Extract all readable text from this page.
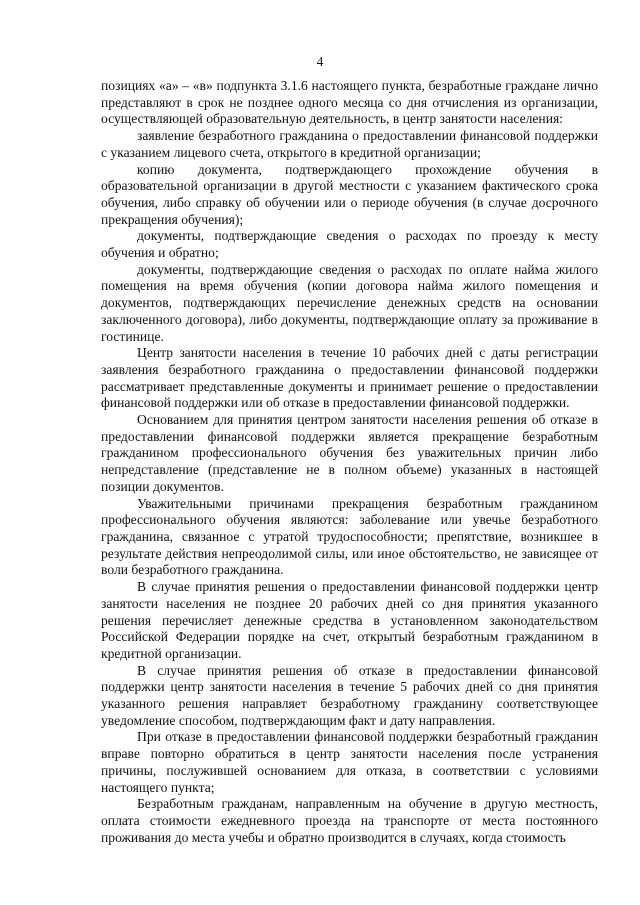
4

позициях «а» – «в» подпункта 3.1.6 настоящего пункта, безработные граждане лично представляют в срок не позднее одного месяца со дня отчисления из организации, осуществляющей образовательную деятельность, в центр занятости населения:

заявление безработного гражданина о предоставлении финансовой поддержки с указанием лицевого счета, открытого в кредитной организации;

копию документа, подтверждающего прохождение обучения в образовательной организации в другой местности с указанием фактического срока обучения, либо справку об обучении или о периоде обучения (в случае досрочного прекращения обучения);

документы, подтверждающие сведения о расходах по проезду к месту обучения и обратно;

документы, подтверждающие сведения о расходах по оплате найма жилого помещения на время обучения (копии договора найма жилого помещения и документов, подтверждающих перечисление денежных средств на основании заключенного договора), либо документы, подтверждающие оплату за проживание в гостинице.

Центр занятости населения в течение 10 рабочих дней с даты регистрации заявления безработного гражданина о предоставлении финансовой поддержки рассматривает представленные документы и принимает решение о предоставлении финансовой поддержки или об отказе в предоставлении финансовой поддержки.

Основанием для принятия центром занятости населения решения об отказе в предоставлении финансовой поддержки является прекращение безработным гражданином профессионального обучения без уважительных причин либо непредставление (представление не в полном объеме) указанных в настоящей позиции документов.

Уважительными причинами прекращения безработным гражданином профессионального обучения являются: заболевание или увечье безработного гражданина, связанное с утратой трудоспособности; препятствие, возникшее в результате действия непреодолимой силы, или иное обстоятельство, не зависящее от воли безработного гражданина.

В случае принятия решения о предоставлении финансовой поддержки центр занятости населения не позднее 20 рабочих дней со дня принятия указанного решения перечисляет денежные средства в установленном законодательством Российской Федерации порядке на счет, открытый безработным гражданином в кредитной организации.

В случае принятия решения об отказе в предоставлении финансовой поддержки центр занятости населения в течение 5 рабочих дней со дня принятия указанного решения направляет безработному гражданину соответствующее уведомление способом, подтверждающим факт и дату направления.

При отказе в предоставлении финансовой поддержки безработный гражданин вправе повторно обратиться в центр занятости населения после устранения причины, послужившей основанием для отказа, в соответствии с условиями настоящего пункта;

Безработным гражданам, направленным на обучение в другую местность, оплата стоимости ежедневного проезда на транспорте от места постоянного проживания до места учебы и обратно производится в случаях, когда стоимость
